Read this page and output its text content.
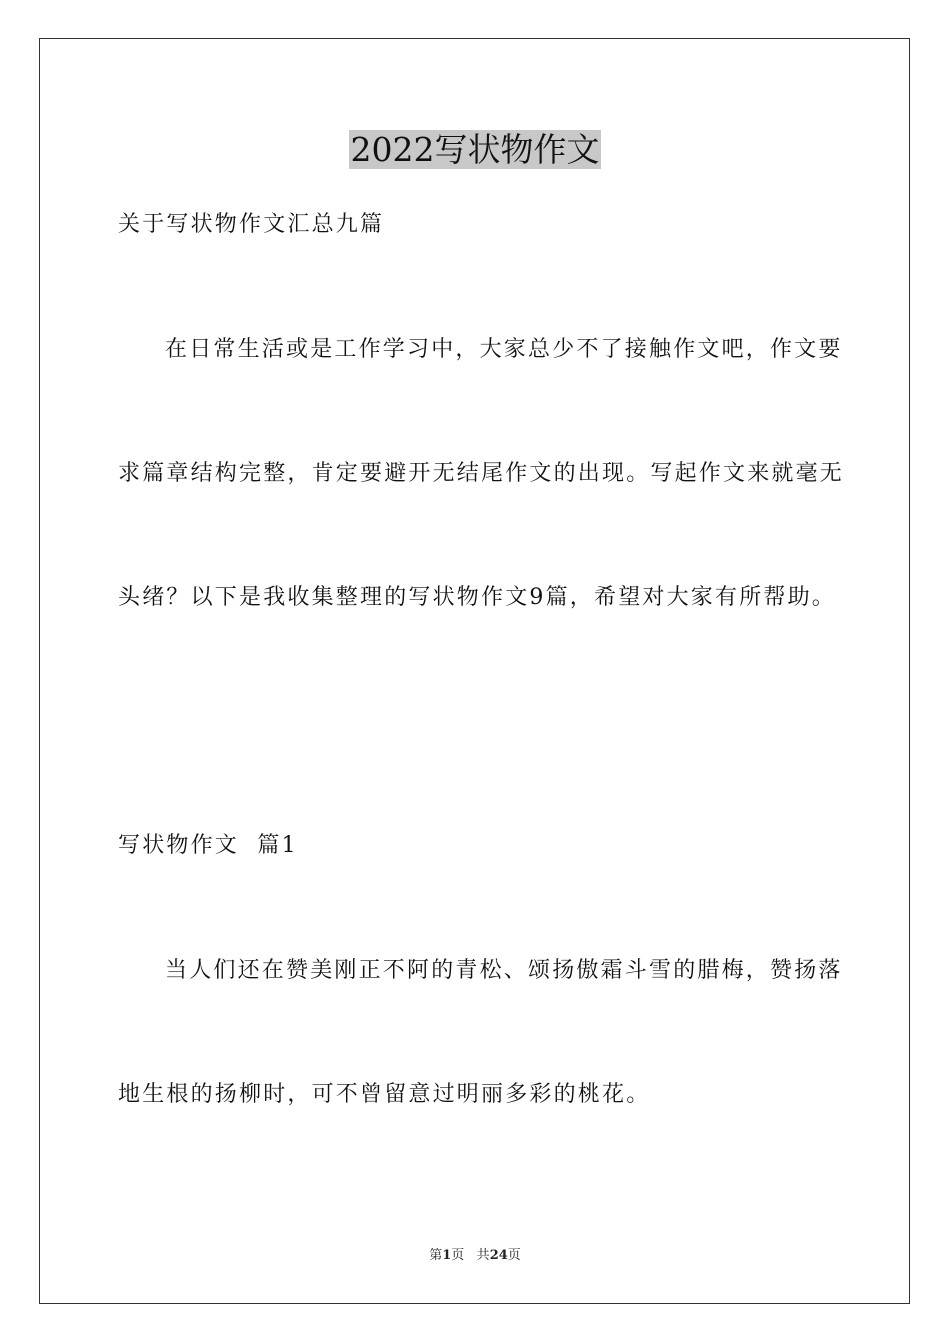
2022写状物作文
关于写状物作文汇总九篇
在日常生活或是工作学习中，大家总少不了接触作文吧，作文要
求篇章结构完整，肯定要避开无结尾作文的出现。写起作文来就毫无
头绪？以下是我收集整理的写状物作文9篇，希望对大家有所帮助。
写状物作文  篇1
当人们还在赞美刚正不阿的青松、颂扬傲霜斗雪的腊梅，赞扬落
地生根的扬柳时，可不曾留意过明丽多彩的桃花。
第1页 共24页
